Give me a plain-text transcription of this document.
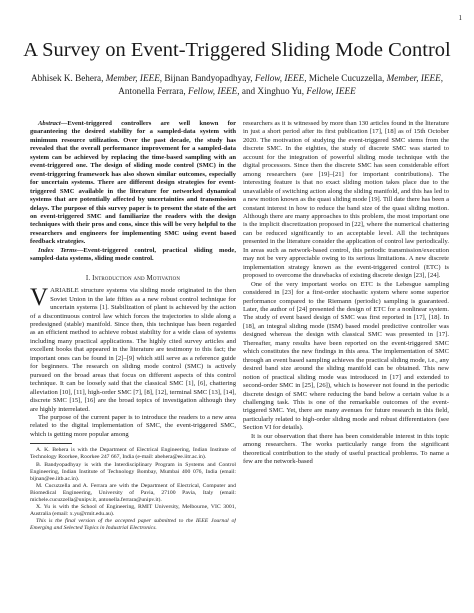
1
A Survey on Event-Triggered Sliding Mode Control
Abhisek K. Behera, Member, IEEE, Bijnan Bandyopadhyay, Fellow, IEEE, Michele Cucuzzella, Member, IEEE,
Antonella Ferrara, Fellow, IEEE, and Xinghuo Yu, Fellow, IEEE

Abstract—Event-triggered controllers are well known for guaranteeing the desired stability for a sampled-data system with minimum resource utilization. Over the past decade, the study has revealed that the overall performance improvement for a sampled-data system can be achieved by replacing the time-based sampling with an event-triggered one. The design of sliding mode control (SMC) in the event-triggering framework has also shown similar outcomes, especially for uncertain systems. There are different design strategies for event-triggered SMC available in the literature for networked dynamical systems that are potentially affected by uncertainties and transmission delays. The purpose of this survey paper is to present the state of the art on event-triggered SMC and familiarize the readers with the design techniques with their pros and cons, since this will be very helpful to the researchers and engineers for implementing SMC using event based feedback strategies.

Index Terms—Event-triggered control, practical sliding mode, sampled-data systems, sliding mode control.

I. Introduction and Motivation

VARIABLE structure systems via sliding mode originated in the then Soviet Union in the late fifties as a new robust control technique for uncertain systems [1]. Stabilization of plant is achieved by the action of a discontinuous control law which forces the trajectories to slide along a predesigned (stable) manifold. Since then, this technique has been regarded as an efficient method to achieve robust stability for a wide class of systems including many practical applications. The highly cited survey articles and excellent books that appeared in the literature are testimony to this fact; the important ones can be found in [2]–[9] which still serve as a reference guide for beginners. The research on sliding mode control (SMC) is actively pursued on the broad areas that focus on different aspects of this control technique. It can be loosely said that the classical SMC [1], [6], chattering alleviation [10], [11], high-order SMC [7], [8], [12], terminal SMC [13], [14], discrete SMC [15], [16] are the broad topics of investigation although they are highly interrelated.

The purpose of the current paper is to introduce the readers to a new area related to the digital implementation of SMC, the event-triggered SMC, which is getting more popular among

A. K. Behera is with the Department of Electrical Engineering, Indian Institute of Technology Roorkee, Roorkee 247 667, India (e-mail: abehera@ee.iitr.ac.in).

B. Bandyopadhyay is with the Interdisciplinary Program in Systems and Control Engineering, Indian Institute of Technology Bombay, Mumbai 400 076, India (email: bijnan@ee.iitb.ac.in).

M. Cucuzzella and A. Ferrara are with the Department of Electrical, Computer and Biomedical Engineering, University of Pavia, 27100 Pavia, Italy (email: michele.cucuzzella@unipv.it, antonella.ferrara@unipv.it).

X. Yu is with the School of Engineering, RMIT University, Melbourne, VIC 3001, Australia (email: x.yu@rmit.edu.au).

This is the final version of the accepted paper submitted to the IEEE Journal of Emerging and Selected Topics in Industrial Electronics.

researchers as it is witnessed by more than 130 articles found in the literature in just a short period after its first publication [17], [18] as of 15th October 2020. The motivation of studying the event-triggered SMC stems from the discrete SMC. In the eighties, the study of discrete SMC was started to account for the integration of powerful sliding mode technique with the digital processors. Since then the discrete SMC has seen considerable effort among researchers (see [19]–[21] for important contributions). The interesting feature is that no exact sliding motion takes place due to the unavailable of switching action along the sliding manifold, and this has led to a new motion known as the quasi sliding mode [19]. Till date there has been a constant interest in how to reduce the band size of the quasi sliding motion. Although there are many approaches to this problem, the most important one is the implicit discretization proposed in [22], where the numerical chattering can be reduced significantly to an acceptable level. All the techniques presented in the literature consider the application of control law periodically. In areas such as network-based control, this periodic transmission/execution may not be very appreciable owing to its serious limitations. A new discrete implementation strategy known as the event-triggered control (ETC) is proposed to overcome the drawbacks of existing discrete design [23], [24].

One of the very important works on ETC is the Lebesgue sampling considered in [23] for a first-order stochastic system where some superior performance compared to the Riemann (periodic) sampling is guaranteed. Later, the author of [24] presented the design of ETC for a nonlinear system. The study of event based design of SMC was first reported in [17], [18]. In [18], an integral sliding mode (ISM) based model predictive controller was designed whereas the design with classical SMC was presented in [17]. Thereafter, many results have been reported on the event-triggered SMC which constitutes the new findings in this area. The implementation of SMC through an event based sampling achieves the practical sliding mode, i.e., any desired band size around the sliding manifold can be obtained. This new notion of practical sliding mode was introduced in [17] and extended to second-order SMC in [25], [26]), which is however not found in the periodic discrete design of SMC where reducing the band below a certain value is a challenging task. This is one of the remarkable outcomes of the event-triggered SMC. Yet, there are many avenues for future research in this field, particularly related to high-order sliding mode and robust differentiators (see Section VI for details).

It is our observation that there has been considerable interest in this topic among researchers. The works particularly range from the significant theoretical contribution to the study of useful practical problems. To name a few are the network-based
